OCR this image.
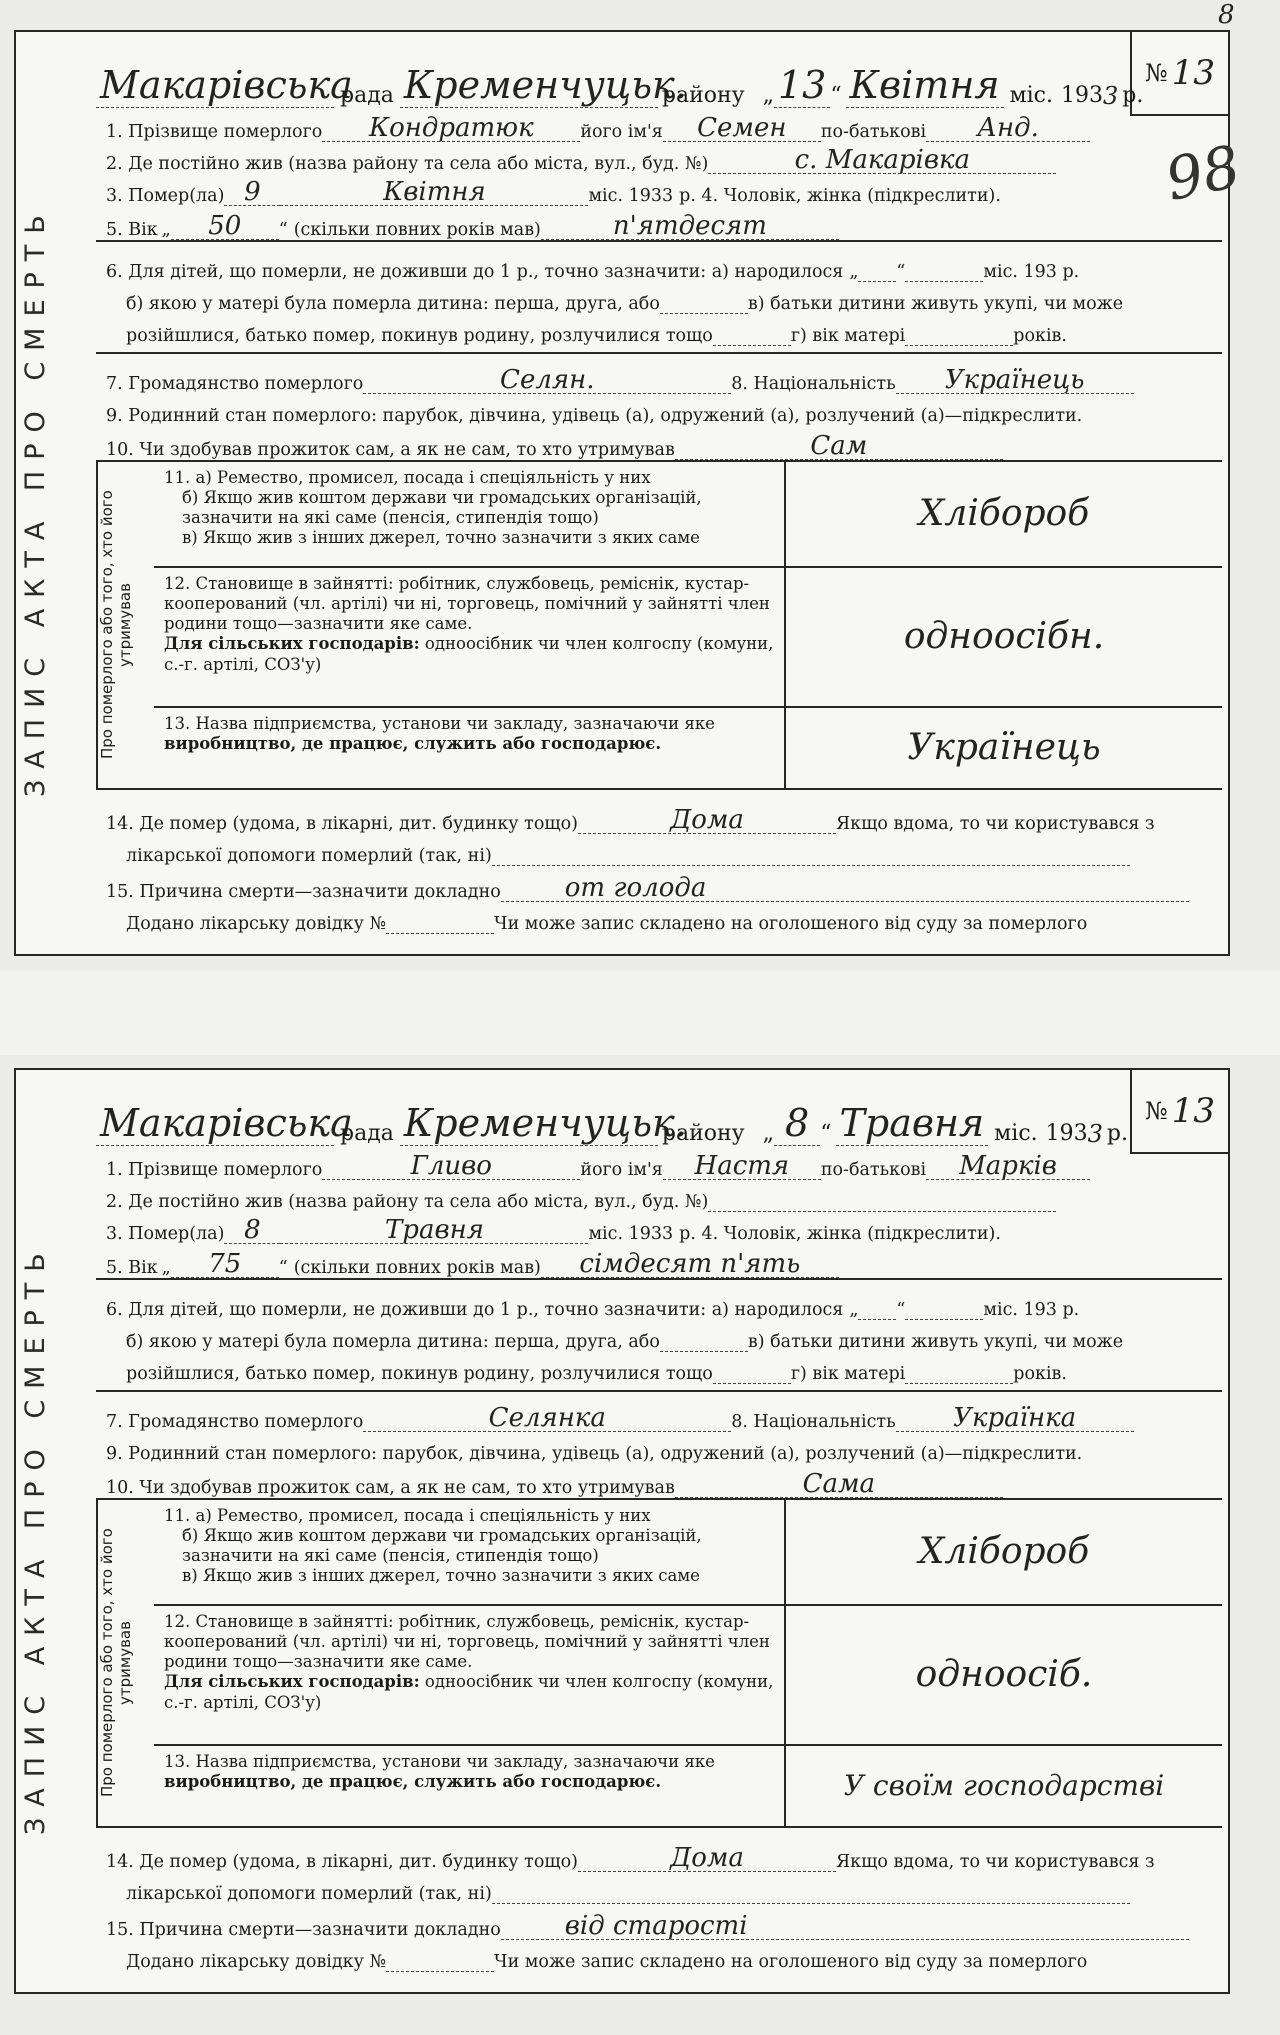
8
ЗАПИС АКТА ПРО СМЕРТЬ
№ 13
98
Макарівська
рада Кременчуцьк.
району „ 13 “ Квітня міс. 193 3 р.
1. Прізвище померлого	Кондратюк	його ім'я	Семен	по-батькові	Анд.
2. Де постійно жив (назва району та села або міста, вул., буд. №)	с. Макарівка
3. Помер(ла) 9	Квітня	міс. 193 3 р. 4. Чоловік, жінка (підкреслити).
5. Вік „	50	“ (скільки повних років мав)	п'ятдесят
6. Для дітей, що померли, не доживши до 1 р., точно зазначити: а) народилося „ “	міс. 193 р.
б) якою у матері була померла дитина: перша, друга, або	в) батьки дитини живуть укупі, чи може
розійшлися, батько помер, покинув родину, розлучилися тощо	г) вік матері	років.
7. Громадянство померлого	Селян.	8. Національність	Українець
9. Родинний стан померлого: парубок, дівчина, удівець (а), одружений (а), розлучений (а)—підкреслити.
10. Чи здобував прожиток сам, а як не сам, то хто утримував	Сам
Про померлого або того, хто його утримував
11. а) Ремество, промисел, посада і спеціяльність у них
б) Якщо жив коштом держави чи громадських організацій, зазначити на які саме (пенсія, стипендія тощо)
в) Якщо жив з інших джерел, точно зазначити з яких саме
Хлібороб
12. Становище в зайнятті: робітник, службовець, реміснік, кустар-кооперований (чл. артілі) чи ні, торговець, помічний у зайнятті член родини тощо—зазначити яке саме.
Для сільських господарів: одноосібник чи член колгоспу (комуни, с.-г. артілі, СОЗ'у)
одноосібн.
13. Назва підприємства, установи чи закладу, зазначаючи яке
виробництво, де працює, служить або господарює.	Українець
14. Де помер (удома, в лікарні, дит. будинку тощо)	Дома	Якщо вдома, то чи користувався з
лікарської допомоги померлий (так, ні)
15. Причина смерти—зазначити докладно	от голода
Додано лікарську довідку №	Чи може запис складено на оголошеного від суду за померлого
ЗАПИС АКТА ПРО СМЕРТЬ
№ 13
Макарівська
рада Кременчуцьк.
району „ 8 “ Травня міс. 193 3 р.
1. Прізвище померлого	Гливо	його ім'я	Настя	по-батькові	Марків
2. Де постійно жив (назва району та села або міста, вул., буд. №)
3. Помер(ла) 8	Травня	міс. 193 3 р. 4. Чоловік, жінка (підкреслити).
5. Вік „	75	“ (скільки повних років мав)	сімдесят п'ять
6. Для дітей, що померли, не доживши до 1 р., точно зазначити: а) народилося „ “	міс. 193 р.
б) якою у матері була померла дитина: перша, друга, або	в) батьки дитини живуть укупі, чи може
розійшлися, батько помер, покинув родину, розлучилися тощо	г) вік матері	років.
7. Громадянство померлого	Селянка	8. Національність	Українка
9. Родинний стан померлого: парубок, дівчина, удівець (а), одружений (а), розлучений (а)—підкреслити.
10. Чи здобував прожиток сам, а як не сам, то хто утримував	Сама
Про померлого або того, хто його утримував
11. а) Ремество, промисел, посада і спеціяльність у них
б) Якщо жив коштом держави чи громадських організацій, зазначити на які саме (пенсія, стипендія тощо)
в) Якщо жив з інших джерел, точно зазначити з яких саме
Хлібороб
12. Становище в зайнятті: робітник, службовець, реміснік, кустар-кооперований (чл. артілі) чи ні, торговець, помічний у зайнятті член родини тощо—зазначити яке саме.
Для сільських господарів: одноосібник чи член колгоспу (комуни, с.-г. артілі, СОЗ'у)
одноосіб.
13. Назва підприємства, установи чи закладу, зазначаючи яке
виробництво, де працює, служить або господарює.	У своїм господарстві
14. Де помер (удома, в лікарні, дит. будинку тощо)	Дома	Якщо вдома, то чи користувався з
лікарської допомоги померлий (так, ні)
15. Причина смерти—зазначити докладно	від старості
Додано лікарську довідку №	Чи може запис складено на оголошеного від суду за померлого
